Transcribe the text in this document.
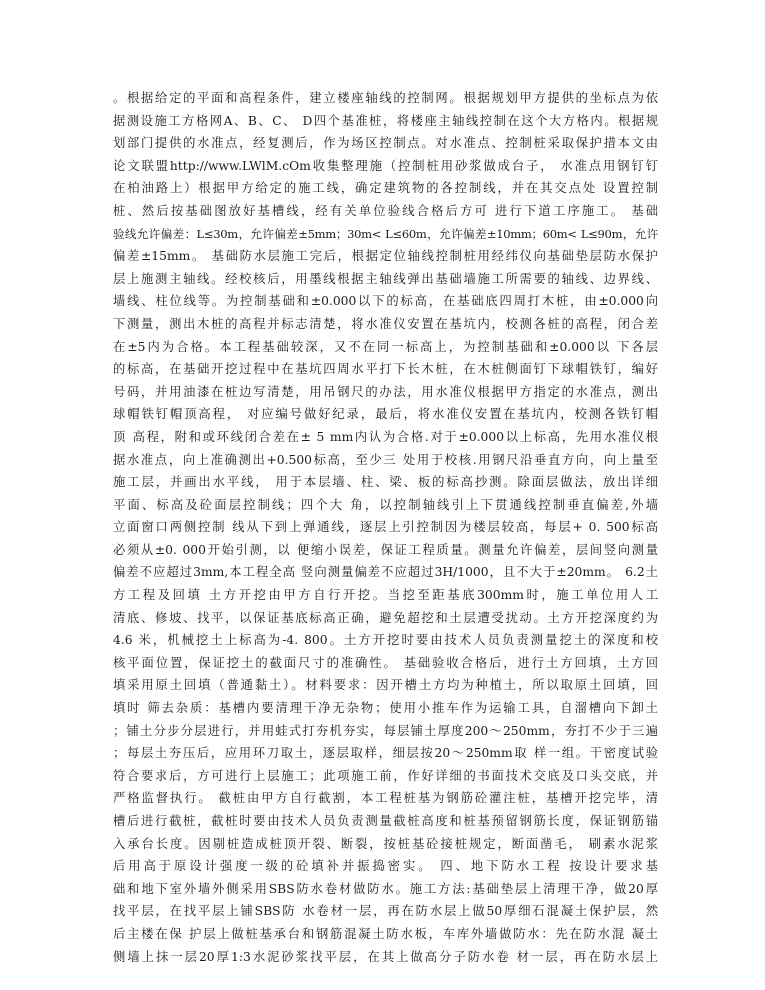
。根据给定的平面和高程条件，建立楼座轴线的控制网。根据规划甲方提供的坐标点为依
据测设施工方格网A、B、C、 D四个基准桩，将楼座主轴线控制在这个大方格内。根据规
划部门提供的水准点，经复测后，作为场区控制点。对水准点、控制桩采取保护措本文由
论文联盟http://www.LWlM.cOm收集整理施（控制桩用砂浆做成台子， 水准点用钢钉钉
在柏油路上）根据甲方给定的施工线，确定建筑物的各控制线，并在其交点处 设置控制
桩、然后按基础图放好基槽线，经有关单位验线合格后方可 进行下道工序施工。 基础
验线允许偏差：L≤30m，允许偏差±5mm；30m< L≤60m，允许偏差±10mm；60m< L≤90m，允许
偏差±15mm。 基础防水层施工完后，根据定位轴线控制桩用经纬仪向基础垫层防水保护
层上施测主轴线。经校核后，用墨线根据主轴线弹出基础墙施工所需要的轴线、边界线、
墙线、柱位线等。为控制基础和±0.000以下的标高，在基础底四周打木桩，由±0.000向
下测量，测出木桩的高程并标志清楚，将水准仪安置在基坑内，校测各桩的高程，闭合差
在±5内为合格。本工程基础较深，又不在同一标高上，为控制基础和±0.000以 下各层
的标高，在基础开挖过程中在基坑四周水平打下长木桩，在木桩侧面钉下球帽铁钉，编好
号码，并用油漆在桩边写清楚，用吊钢尺的办法，用水准仪根据甲方指定的水准点，测出
球帽铁钉帽顶高程， 对应编号做好纪录，最后，将水准仪安置在基坑内，校测各铁钉帽
顶 高程，附和或环线闭合差在± 5 mm内认为合格.对于±0.000以上标高，先用水准仪根
据水准点，向上准确测出+0.500标高，至少三 处用于校核.用钢尺沿垂直方向，向上量至
施工层，并画出水平线， 用于本层墙、柱、梁、板的标高抄测。除面层做法，放出详细
平面、标高及砼面层控制线；四个大 角，以控制轴线引上下贯通线控制垂直偏差,外墙
立面窗口两侧控制 线从下到上弹通线，逐层上引控制因为楼层较高，每层+ 0. 500标高
必须从±0. 000开始引测，以 便缩小误差，保证工程质量。测量允许偏差，层间竖向测量
偏差不应超过3mm,本工程全高 竖向测量偏差不应超过3H/1000，且不大于±20mm。 6.2土
方工程及回填 土方开挖由甲方自行开挖。当挖至距基底300mm时，施工单位用人工
清底、修坡、找平，以保证基底标高正确，避免超挖和土层遭受扰动。土方开挖深度约为
4.6 米，机械挖土上标高为-4. 800。土方开挖时要由技术人员负责测量挖土的深度和校
核平面位置，保证挖土的截面尺寸的准确性。 基础验收合格后，进行土方回填，土方回
填采用原土回填（普通黏土）。材料要求：因开槽土方均为种植土，所以取原土回填，回
填时 筛去杂质：基槽内要清理干净无杂物；使用小推车作为运输工具，自溜槽向下卸土
；铺土分步分层进行，并用蛙式打夯机夯实，每层铺土厚度200～250mm，夯打不少于三遍
；每层土夯压后，应用环刀取土，逐层取样，细层按20～250mm取 样一组。干密度试验
符合要求后，方可进行上层施工；此项施工前，作好详细的书面技术交底及口头交底，并
严格监督执行。 截桩由甲方自行截割，本工程桩基为钢筋砼灌注桩，基槽开挖完毕，清
槽后进行截桩，截桩时要由技术人员负责测量截桩高度和桩基预留钢筋长度，保证钢筋锚
入承台长度。因剔桩造成桩顶开裂、断裂，按桩基砼接桩规定，断面凿毛， 刷素水泥浆
后用高于原设计强度一级的砼填补并振捣密实。 四、地下防水工程 按设计要求基
础和地下室外墙外侧采用SBS防水卷材做防水。施工方法:基础垫层上清理干净，做20厚
找平层，在找平层上铺SBS防 水卷材一层，再在防水层上做50厚细石混凝土保护层，然
后主楼在保 护层上做桩基承台和钢筋混凝土防水板，车库外墙做防水：先在防水混 凝土
侧墙上抹一层20厚1:3水泥砂浆找平层，在其上做高分子防水卷 材一层，再在防水层上
